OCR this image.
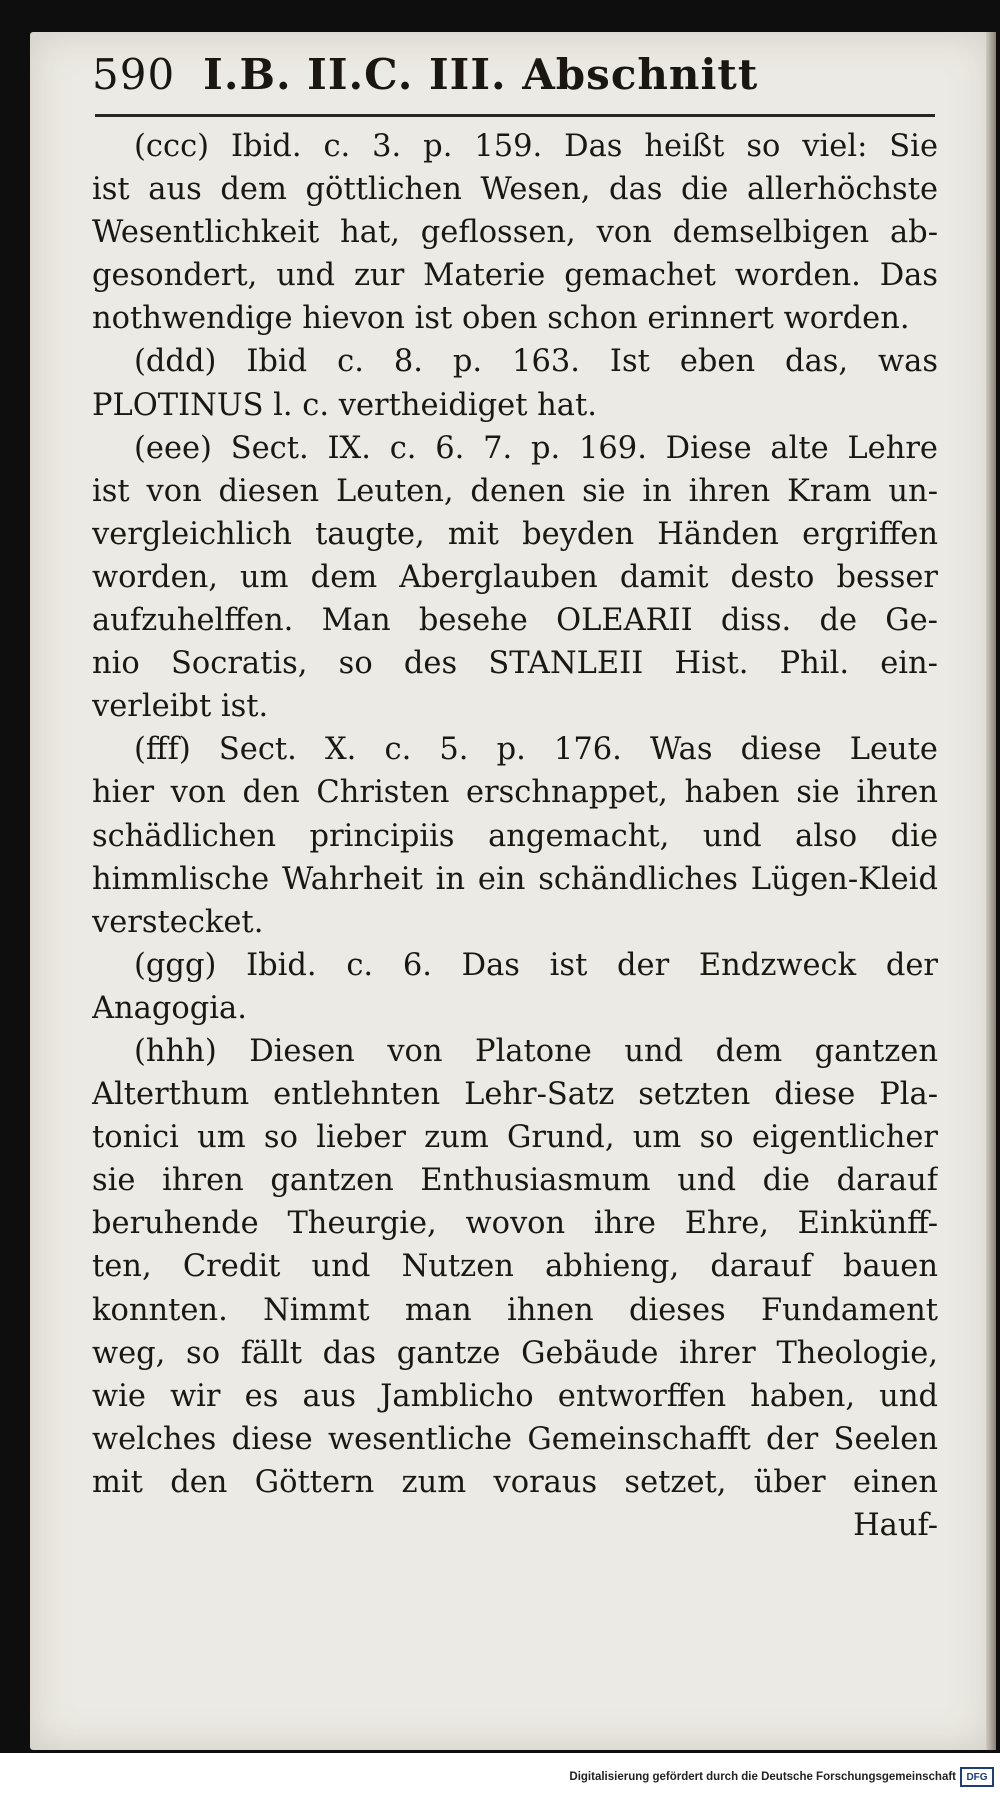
590 I.B. II.C. III. Abschnitt
(ccc) Ibid. c. 3. p. 159. Das heißt so viel: Sie
ist aus dem göttlichen Wesen, das die allerhöchste
Wesentlichkeit hat, geflossen, von demselbigen ab-
gesondert, und zur Materie gemachet worden. Das
nothwendige hievon ist oben schon erinnert worden.
(ddd) Ibid c. 8. p. 163. Ist eben das, was
PLOTINUS l. c. vertheidiget hat.
(eee) Sect. IX. c. 6. 7. p. 169. Diese alte Lehre
ist von diesen Leuten, denen sie in ihren Kram un-
vergleichlich taugte, mit beyden Händen ergriffen
worden, um dem Aberglauben damit desto besser
aufzuhelffen. Man besehe OLEARII diss. de Ge-
nio Socratis, so des STANLEII Hist. Phil. ein-
verleibt ist.
(fff) Sect. X. c. 5. p. 176. Was diese Leute
hier von den Christen erschnappet, haben sie ihren
schädlichen principiis angemacht, und also die
himmlische Wahrheit in ein schändliches Lügen-Kleid
verstecket.
(ggg) Ibid. c. 6. Das ist der Endzweck der
Anagogia.
(hhh) Diesen von Platone und dem gantzen
Alterthum entlehnten Lehr-Satz setzten diese Pla-
tonici um so lieber zum Grund, um so eigentlicher
sie ihren gantzen Enthusiasmum und die darauf
beruhende Theurgie, wovon ihre Ehre, Einkünff-
ten, Credit und Nutzen abhieng, darauf bauen
konnten. Nimmt man ihnen dieses Fundament
weg, so fällt das gantze Gebäude ihrer Theologie,
wie wir es aus Jamblicho entworffen haben, und
welches diese wesentliche Gemeinschafft der Seelen
mit den Göttern zum voraus setzet, über einen
Hauf-
Digitalisierung gefördert durch die Deutsche Forschungsgemeinschaft	DFG
